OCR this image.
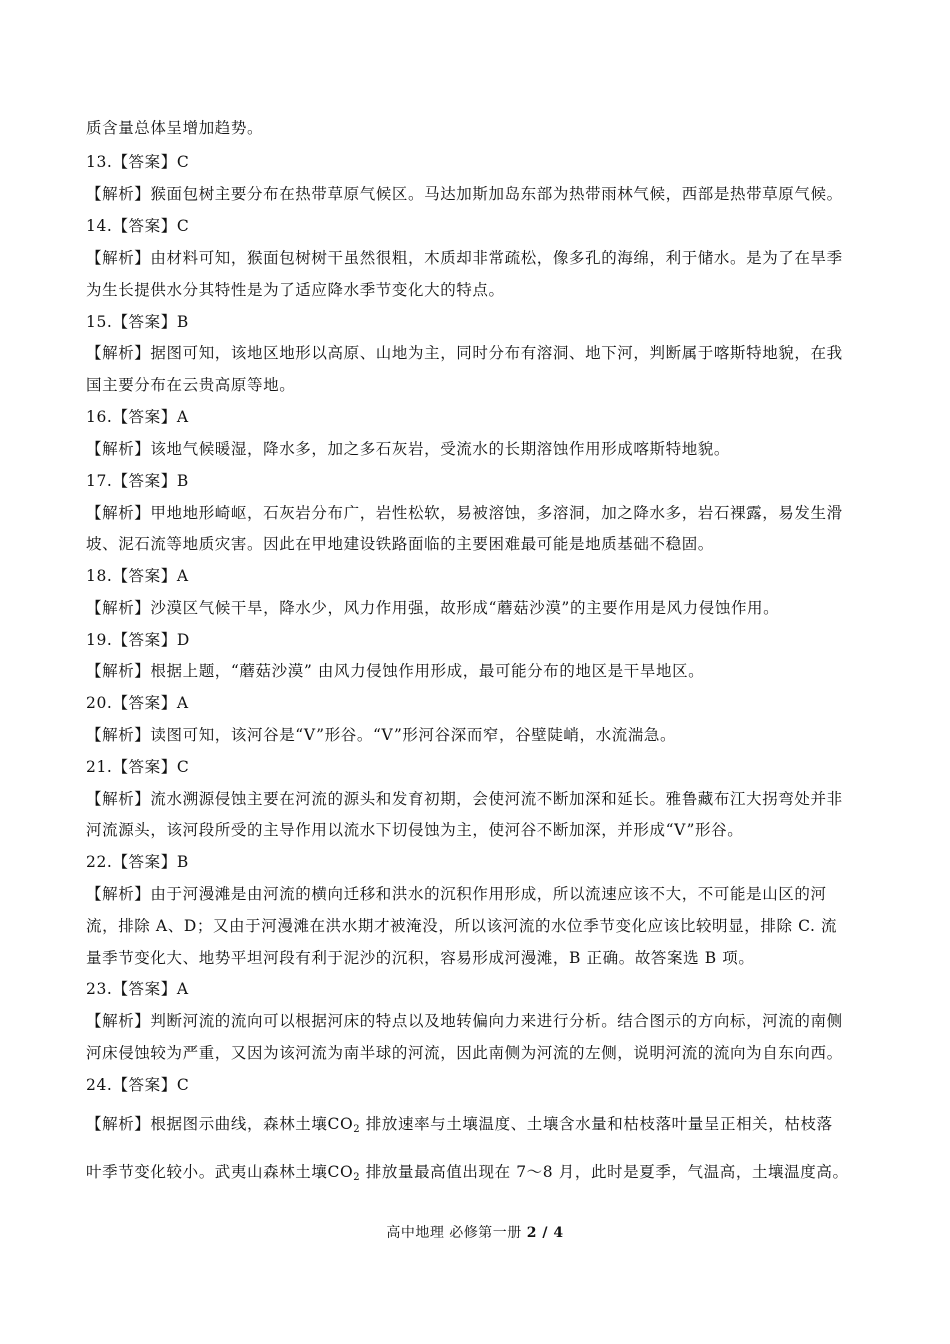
质含量总体呈增加趋势。
13.【答案】C
【解析】猴面包树主要分布在热带草原气候区。马达加斯加岛东部为热带雨林气候，西部是热带草原气候。
14.【答案】C
【解析】由材料可知，猴面包树树干虽然很粗，木质却非常疏松，像多孔的海绵，利于储水。是为了在旱季
为生长提供水分其特性是为了适应降水季节变化大的特点。
15.【答案】B
【解析】据图可知，该地区地形以高原、山地为主，同时分布有溶洞、地下河，判断属于喀斯特地貌，在我
国主要分布在云贵高原等地。
16.【答案】A
【解析】该地气候暖湿，降水多，加之多石灰岩，受流水的长期溶蚀作用形成喀斯特地貌。
17.【答案】B
【解析】甲地地形崎岖，石灰岩分布广，岩性松软，易被溶蚀，多溶洞，加之降水多，岩石裸露，易发生滑
坡、泥石流等地质灾害。因此在甲地建设铁路面临的主要困难最可能是地质基础不稳固。
18.【答案】A
【解析】沙漠区气候干旱，降水少，风力作用强，故形成“蘑菇沙漠”的主要作用是风力侵蚀作用。
19.【答案】D
【解析】根据上题，“蘑菇沙漠” 由风力侵蚀作用形成，最可能分布的地区是干旱地区。
20.【答案】A
【解析】读图可知，该河谷是“V”形谷。“V”形河谷深而窄，谷壁陡峭，水流湍急。
21.【答案】C
【解析】流水溯源侵蚀主要在河流的源头和发育初期，会使河流不断加深和延长。雅鲁藏布江大拐弯处并非
河流源头，该河段所受的主导作用以流水下切侵蚀为主，使河谷不断加深，并形成“V”形谷。
22.【答案】B
【解析】由于河漫滩是由河流的横向迁移和洪水的沉积作用形成，所以流速应该不大，不可能是山区的河
流，排除 A、D；又由于河漫滩在洪水期才被淹没，所以该河流的水位季节变化应该比较明显，排除 C. 流
量季节变化大、地势平坦河段有利于泥沙的沉积，容易形成河漫滩，B 正确。故答案选 B 项。
23.【答案】A
【解析】判断河流的流向可以根据河床的特点以及地转偏向力来进行分析。结合图示的方向标，河流的南侧
河床侵蚀较为严重，又因为该河流为南半球的河流，因此南侧为河流的左侧，说明河流的流向为自东向西。
24.【答案】C
【解析】根据图示曲线，森林土壤$CO_2$ 排放速率与土壤温度、土壤含水量和枯枝落叶量呈正相关，枯枝落
叶季节变化较小。武夷山森林土壤$CO_2$ 排放量最高值出现在 7～8 月，此时是夏季，气温高，土壤温度高。
高中地理 必修第一册 2 / 4
